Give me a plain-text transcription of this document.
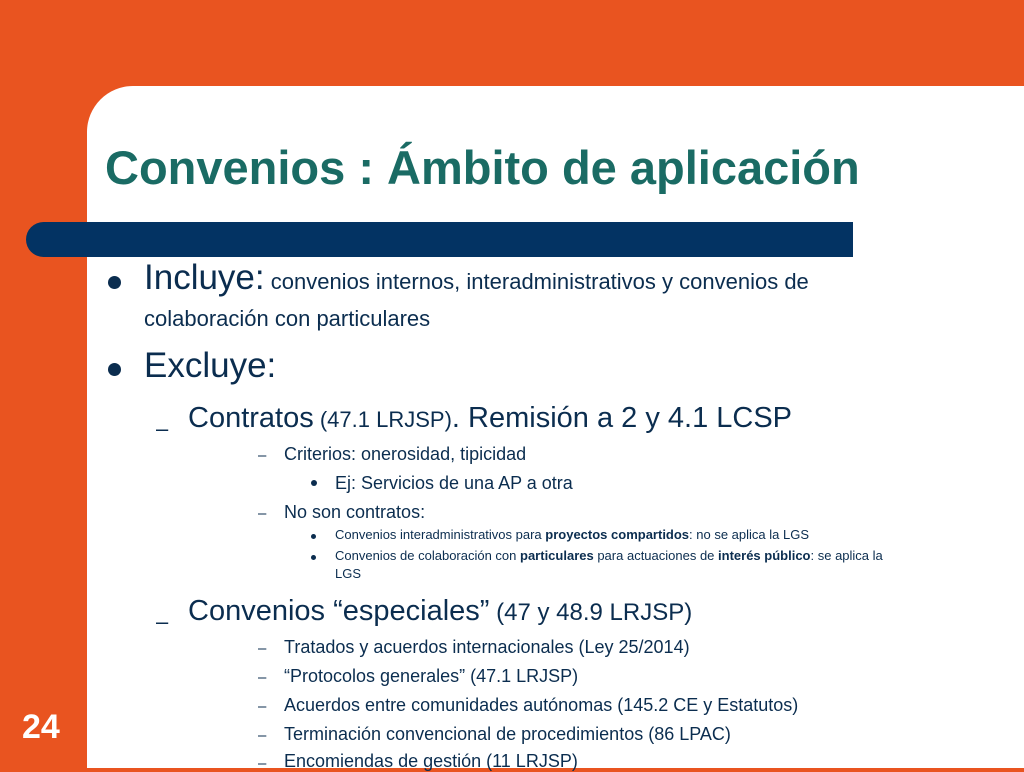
Convenios : Ámbito de aplicación
24
Incluye: convenios internos, interadministrativos y convenios de
colaboración con particulares
Excluye:
– Contratos (47.1 LRJSP). Remisión a 2 y 4.1 LCSP
– Criterios: onerosidad, tipicidad
Ej: Servicios de una AP a otra
– No son contratos:
Convenios interadministrativos para proyectos compartidos: no se aplica la LGS
Convenios de colaboración con particulares para actuaciones de interés público: se aplica la
LGS
– Convenios “especiales” (47 y 48.9 LRJSP)
– Tratados y acuerdos internacionales (Ley 25/2014)
– “Protocolos generales” (47.1 LRJSP)
– Acuerdos entre comunidades autónomas (145.2 CE y Estatutos)
– Terminación convencional de procedimientos (86 LPAC)
– Encomiendas de gestión (11 LRJSP)
